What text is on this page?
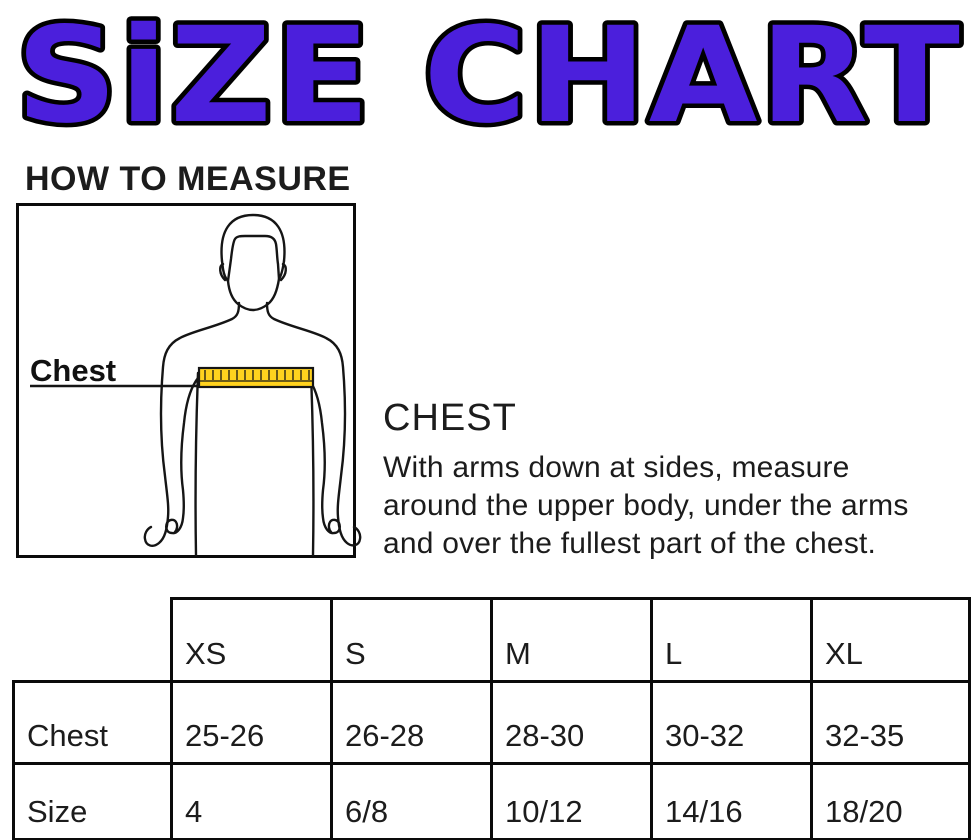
SiZE CHART
HOW TO MEASURE
Chest
CHEST
With arms down at sides, measure
around the upper body, under the arms
and over the fullest part of the chest.
	XS	S	M	L	XL
Chest	25-26	26-28	28-30	30-32	32-35
Size	4	6/8	10/12	14/16	18/20
